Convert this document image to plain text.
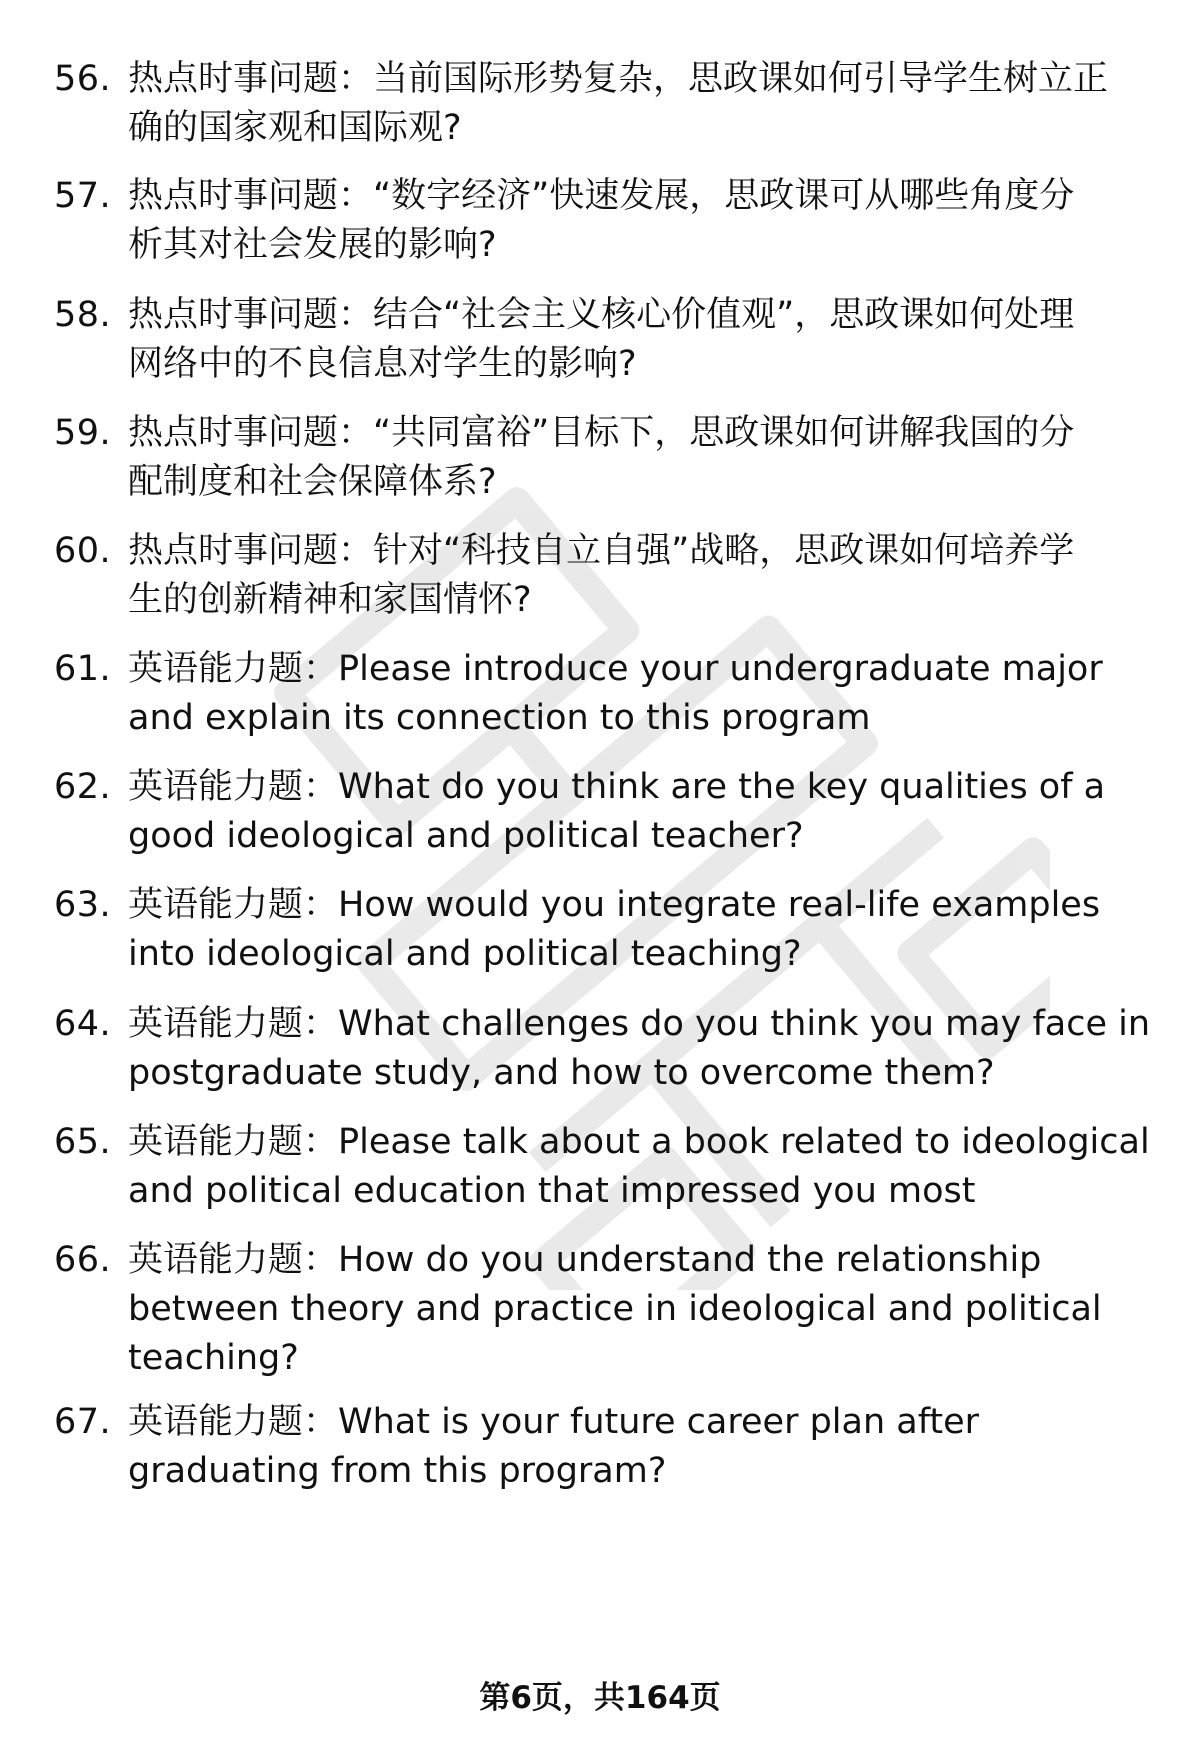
56. 热点时事问题：当前国际形势复杂，思政课如何引导学生树立正
确的国家观和国际观?
57. 热点时事问题：“数字经济”快速发展，思政课可从哪些角度分
析其对社会发展的影响?
58. 热点时事问题：结合“社会主义核心价值观”，思政课如何处理
网络中的不良信息对学生的影响?
59. 热点时事问题：“共同富裕”目标下，思政课如何讲解我国的分
配制度和社会保障体系?
60. 热点时事问题：针对“科技自立自强”战略，思政课如何培养学
生的创新精神和家国情怀?
61. 英语能力题：Please introduce your undergraduate major
and explain its connection to this program
62. 英语能力题：What do you think are the key qualities of a
good ideological and political teacher?
63. 英语能力题：How would you integrate real-life examples
into ideological and political teaching?
64. 英语能力题：What challenges do you think you may face in
postgraduate study, and how to overcome them?
65. 英语能力题：Please talk about a book related to ideological
and political education that impressed you most
66. 英语能力题：How do you understand the relationship
between theory and practice in ideological and political
teaching?
67. 英语能力题：What is your future career plan after
graduating from this program?
第6页，共164页
